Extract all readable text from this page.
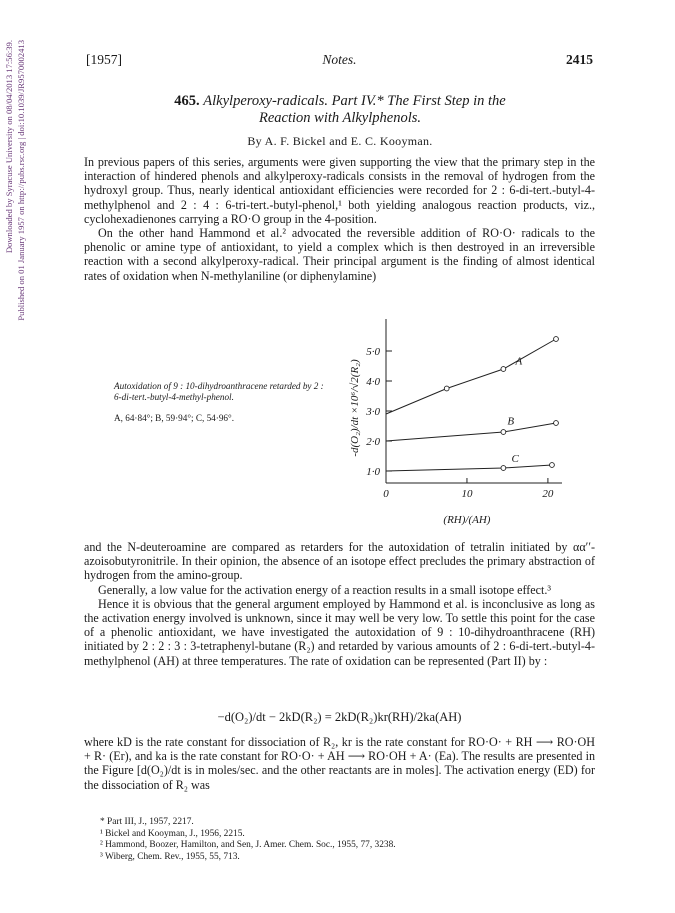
Downloaded by Syracuse University on 08/04/2013 17:56:39. Published on 01 January 1957 on http://pubs.rsc.org | doi:10.1039/JR9570002413	[1957]	Notes.	2415
465. Alkylperoxy-radicals. Part IV.* The First Step in the
Reaction with Alkylphenols.
By A. F. Bickel and E. C. Kooyman.

In previous papers of this series, arguments were given supporting the view that the primary step in the interaction of hindered phenols and alkylperoxy-radicals consists in the removal of hydrogen from the hydroxyl group. Thus, nearly identical antioxidant efficiencies were recorded for 2 : 6-di-tert.-butyl-4-methylphenol and 2 : 4 : 6-tri-tert.-butyl-phenol,¹ both yielding analogous reaction products, viz., cyclohexadienones carrying a RO·O group in the 4-position.

On the other hand Hammond et al.² advocated the reversible addition of RO·O· radicals to the phenolic or amine type of antioxidant, to yield a complex which is then destroyed in an irreversible reaction with a second alkylperoxy-radical. Their principal argument is the finding of almost identical rates of oxidation when N-methylaniline (or diphenylamine)

Autoxidation of 9 : 10-dihydroanthracene retarded by 2 : 6-di-tert.-butyl-4-methyl-phenol.
A, 64·84°; B, 59·94°; C, 54·96°.
1·0
2·0
3·0
4·0
5·0
0	10	20
-d(O₂)/dt ×10⁶/√2(R₂)
(RH)/(AH)
A
B
C

and the N-deuteroamine are compared as retarders for the autoxidation of tetralin initiated by αα′′-azoisobutyronitrile. In their opinion, the absence of an isotope effect precludes the primary abstraction of hydrogen from the amino-group.

Generally, a low value for the activation energy of a reaction results in a small isotope effect.³

Hence it is obvious that the general argument employed by Hammond et al. is inconclusive as long as the activation energy involved is unknown, since it may well be very low. To settle this point for the case of a phenolic antioxidant, we have investigated the autoxidation of 9 : 10-dihydroanthracene (RH) initiated by 2 : 2 : 3 : 3-tetraphenyl-butane (R₂) and retarded by various amounts of 2 : 6-di-tert.-butyl-4-methylphenol (AH) at three temperatures. The rate of oxidation can be represented (Part II) by :

−d(O₂)/dt − 2kD(R₂) = 2kD(R₂)kr(RH)/2ka(AH)

where kD is the rate constant for dissociation of R₂, kr is the rate constant for RO·O· + RH ⟶ RO·OH + R· (Er), and ka is the rate constant for RO·O· + AH ⟶ RO·OH + A· (Ea). The results are presented in the Figure [d(O₂)/dt is in moles/sec. and the other reactants are in moles]. The activation energy (ED) for the dissociation of R₂ was

* Part III, J., 1957, 2217.
¹ Bickel and Kooyman, J., 1956, 2215.
² Hammond, Boozer, Hamilton, and Sen, J. Amer. Chem. Soc., 1955, 77, 3238.
³ Wiberg, Chem. Rev., 1955, 55, 713.
